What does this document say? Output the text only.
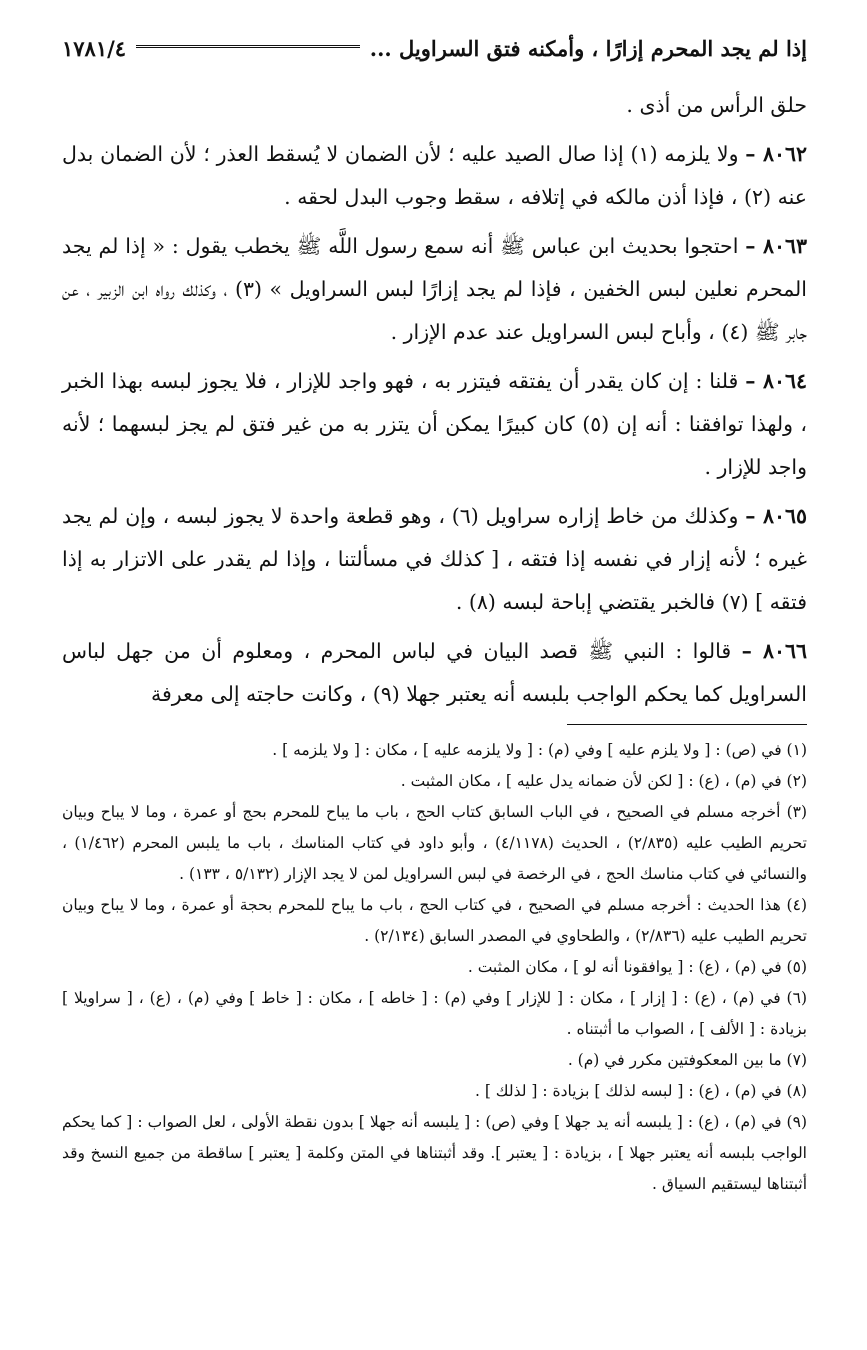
إذا لم يجد المحرم إزارًا ، وأمكنه فتق السراويل ...
١٧٨١/٤

حلق الرأس من أذى .

٨٠٦٢ – ولا يلزمه (١) إذا صال الصيد عليه ؛ لأن الضمان لا يُسقط العذر ؛ لأن الضمان بدل عنه (٢) ، فإذا أذن مالكه في إتلافه ، سقط وجوب البدل لحقه .

٨٠٦٣ – احتجوا بحديث ابن عباس ﷺ أنه سمع رسول اللَّه ﷺ يخطب يقول : « إذا لم يجد المحرم نعلين لبس الخفين ، فإذا لم يجد إزارًا لبس السراويل » (٣) ، وكذلك رواه ابن الزبير ، عن جابر ﷺ (٤) ، وأباح لبس السراويل عند عدم الإزار .

٨٠٦٤ – قلنا : إن كان يقدر أن يفتقه فيتزر به ، فهو واجد للإزار ، فلا يجوز لبسه بهذا الخبر ، ولهذا توافقنا : أنه إن (٥) كان كبيرًا يمكن أن يتزر به من غير فتق لم يجز لبسهما ؛ لأنه واجد للإزار .

٨٠٦٥ – وكذلك من خاط إزاره سراويل (٦) ، وهو قطعة واحدة لا يجوز لبسه ، وإن لم يجد غيره ؛ لأنه إزار في نفسه إذا فتقه ، [ كذلك في مسألتنا ، وإذا لم يقدر على الاتزار به إذا فتقه ] (٧) فالخبر يقتضي إباحة لبسه (٨) .

٨٠٦٦ – قالوا : النبي ﷺ قصد البيان في لباس المحرم ، ومعلوم أن من جهل لباس السراويل كما يحكم الواجب بلبسه أنه يعتبر جهلا (٩) ، وكانت حاجته إلى معرفة

(١) في (ص) : [ ولا يلزم عليه ] وفي (م) : [ ولا يلزمه عليه ] ، مكان : [ ولا يلزمه ] .

(٢) في (م) ، (ع) : [ لكن لأن ضمانه يدل عليه ] ، مكان المثبت .

(٣) أخرجه مسلم في الصحيح ، في الباب السابق كتاب الحج ، باب ما يباح للمحرم بحج أو عمرة ، وما لا يباح وبيان تحريم الطيب عليه (٢/٨٣٥) ، الحديث (٤/١١٧٨) ، وأبو داود في كتاب المناسك ، باب ما يلبس المحرم (١/٤٦٢) ، والنسائي في كتاب مناسك الحج ، في الرخصة في لبس السراويل لمن لا يجد الإزار (٥/١٣٢ ، ١٣٣) .

(٤) هذا الحديث : أخرجه مسلم في الصحيح ، في كتاب الحج ، باب ما يباح للمحرم بحجة أو عمرة ، وما لا يباح وبيان تحريم الطيب عليه (٢/٨٣٦) ، والطحاوي في المصدر السابق (٢/١٣٤) .

(٥) في (م) ، (ع) : [ يوافقونا أنه لو ] ، مكان المثبت .

(٦) في (م) ، (ع) : [ إزار ] ، مكان : [ للإزار ] وفي (م) : [ خاطه ] ، مكان : [ خاط ] وفي (م) ، (ع) ، [ سراويلا ] بزيادة : [ الألف ] ، الصواب ما أثبتناه .

(٧) ما بين المعكوفتين مكرر في (م) .

(٨) في (م) ، (ع) : [ لبسه لذلك ] بزيادة : [ لذلك ] .

(٩) في (م) ، (ع) : [ يلبسه أنه يد جهلا ] وفي (ص) : [ يلبسه أنه جهلا ] بدون نقطة الأولى ، لعل الصواب : [ كما يحكم الواجب بلبسه أنه يعتبر جهلا ] ، بزيادة : [ يعتبر ]. وقد أثبتناها في المتن وكلمة [ يعتبر ] ساقطة من جميع النسخ وقد أثبتناها ليستقيم السياق .
